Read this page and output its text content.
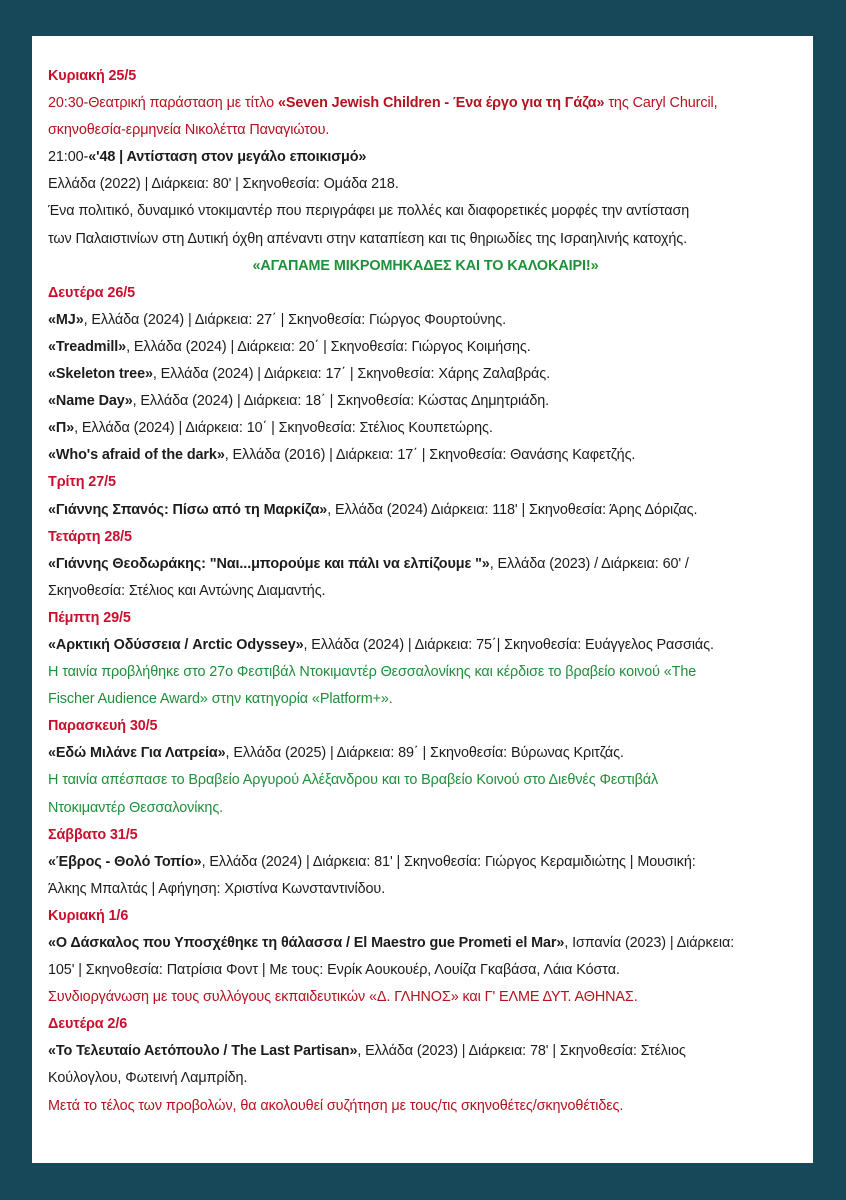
Κυριακή 25/5
20:30-Θεατρική παράσταση με τίτλο «Seven Jewish Children - Ένα έργο για τη Γάζα» της Caryl Churcil,
σκηνοθεσία-ερμηνεία Νικολέττα Παναγιώτου.
21:00-«'48 | Αντίσταση στον μεγάλο εποικισμό»
Ελλάδα (2022) | Διάρκεια: 80' | Σκηνοθεσία: Ομάδα 218.
Ένα πολιτικό, δυναμικό ντοκιμαντέρ που περιγράφει με πολλές και διαφορετικές μορφές την αντίσταση
των Παλαιστινίων στη Δυτική όχθη απέναντι στην καταπίεση και τις θηριωδίες της Ισραηλινής κατοχής.
«ΑΓΑΠΑΜΕ ΜΙΚΡΟΜΗΚΑΔΕΣ ΚΑΙ ΤΟ ΚΑΛΟΚΑΙΡΙ!»
Δευτέρα 26/5
«MJ», Ελλάδα (2024) | Διάρκεια: 27΄ | Σκηνοθεσία: Γιώργος Φουρτούνης.
«Treadmill», Ελλάδα (2024) | Διάρκεια: 20΄ | Σκηνοθεσία: Γιώργος Κοιμήσης.
«Skeleton tree», Ελλάδα (2024) | Διάρκεια: 17΄ | Σκηνοθεσία: Χάρης Ζαλαβράς.
«Name Day», Ελλάδα (2024) | Διάρκεια: 18΄ | Σκηνοθεσία: Κώστας Δημητριάδη.
«Π», Ελλάδα (2024) | Διάρκεια: 10΄ | Σκηνοθεσία: Στέλιος Κουπετώρης.
«Who's afraid of the dark», Ελλάδα (2016) | Διάρκεια: 17΄ | Σκηνοθεσία: Θανάσης Καφετζής.
Τρίτη 27/5
«Γιάννης Σπανός: Πίσω από τη Μαρκίζα», Ελλάδα (2024) Διάρκεια: 118' | Σκηνοθεσία: Άρης Δόριζας.
Τετάρτη 28/5
«Γιάννης Θεοδωράκης: "Ναι...μπορούμε και πάλι να ελπίζουμε "», Ελλάδα (2023) / Διάρκεια: 60' /
Σκηνοθεσία: Στέλιος και Αντώνης Διαμαντής.
Πέμπτη 29/5
«Αρκτική Οδύσσεια / Arctic Odyssey», Ελλάδα (2024) | Διάρκεια: 75΄| Σκηνοθεσία: Ευάγγελος Ρασσιάς.
Η ταινία προβλήθηκε στο 27ο Φεστιβάλ Ντοκιμαντέρ Θεσσαλονίκης και κέρδισε το βραβείο κοινού «The
Fischer Audience Award» στην κατηγορία «Platform+».
Παρασκευή 30/5
«Εδώ Μιλάνε Για Λατρεία», Ελλάδα (2025) | Διάρκεια: 89΄ | Σκηνοθεσία: Βύρωνας Κριτζάς.
Η ταινία απέσπασε το Βραβείο Αργυρού Αλέξανδρου και το Βραβείο Κοινού στο Διεθνές Φεστιβάλ
Ντοκιμαντέρ Θεσσαλονίκης.
Σάββατο 31/5
«Έβρος - Θολό Τοπίο», Ελλάδα (2024) | Διάρκεια: 81' | Σκηνοθεσία: Γιώργος Κεραμιδιώτης | Μουσική:
Άλκης Μπαλτάς | Αφήγηση: Χριστίνα Κωνσταντινίδου.
Κυριακή 1/6
«Ο Δάσκαλος που Υποσχέθηκε τη θάλασσα / El Maestro gue Prometi el Mar», Ισπανία (2023) | Διάρκεια:
105' | Σκηνοθεσία: Πατρίσια Φοντ | Με τους: Ενρίκ Αουκουέρ, Λουίζα Γκαβάσα, Λάια Κόστα.
Συνδιοργάνωση με τους συλλόγους εκπαιδευτικών «Δ. ΓΛΗΝΟΣ» και Γ' ΕΛΜΕ ΔΥΤ. ΑΘΗΝΑΣ.
Δευτέρα 2/6
«Το Τελευταίο Αετόπουλο / The Last Partisan», Ελλάδα (2023) | Διάρκεια: 78' | Σκηνοθεσία: Στέλιος
Κούλογλου, Φωτεινή Λαμπρίδη.
Μετά το τέλος των προβολών, θα ακολουθεί συζήτηση με τους/τις σκηνοθέτες/σκηνοθέτιδες.
